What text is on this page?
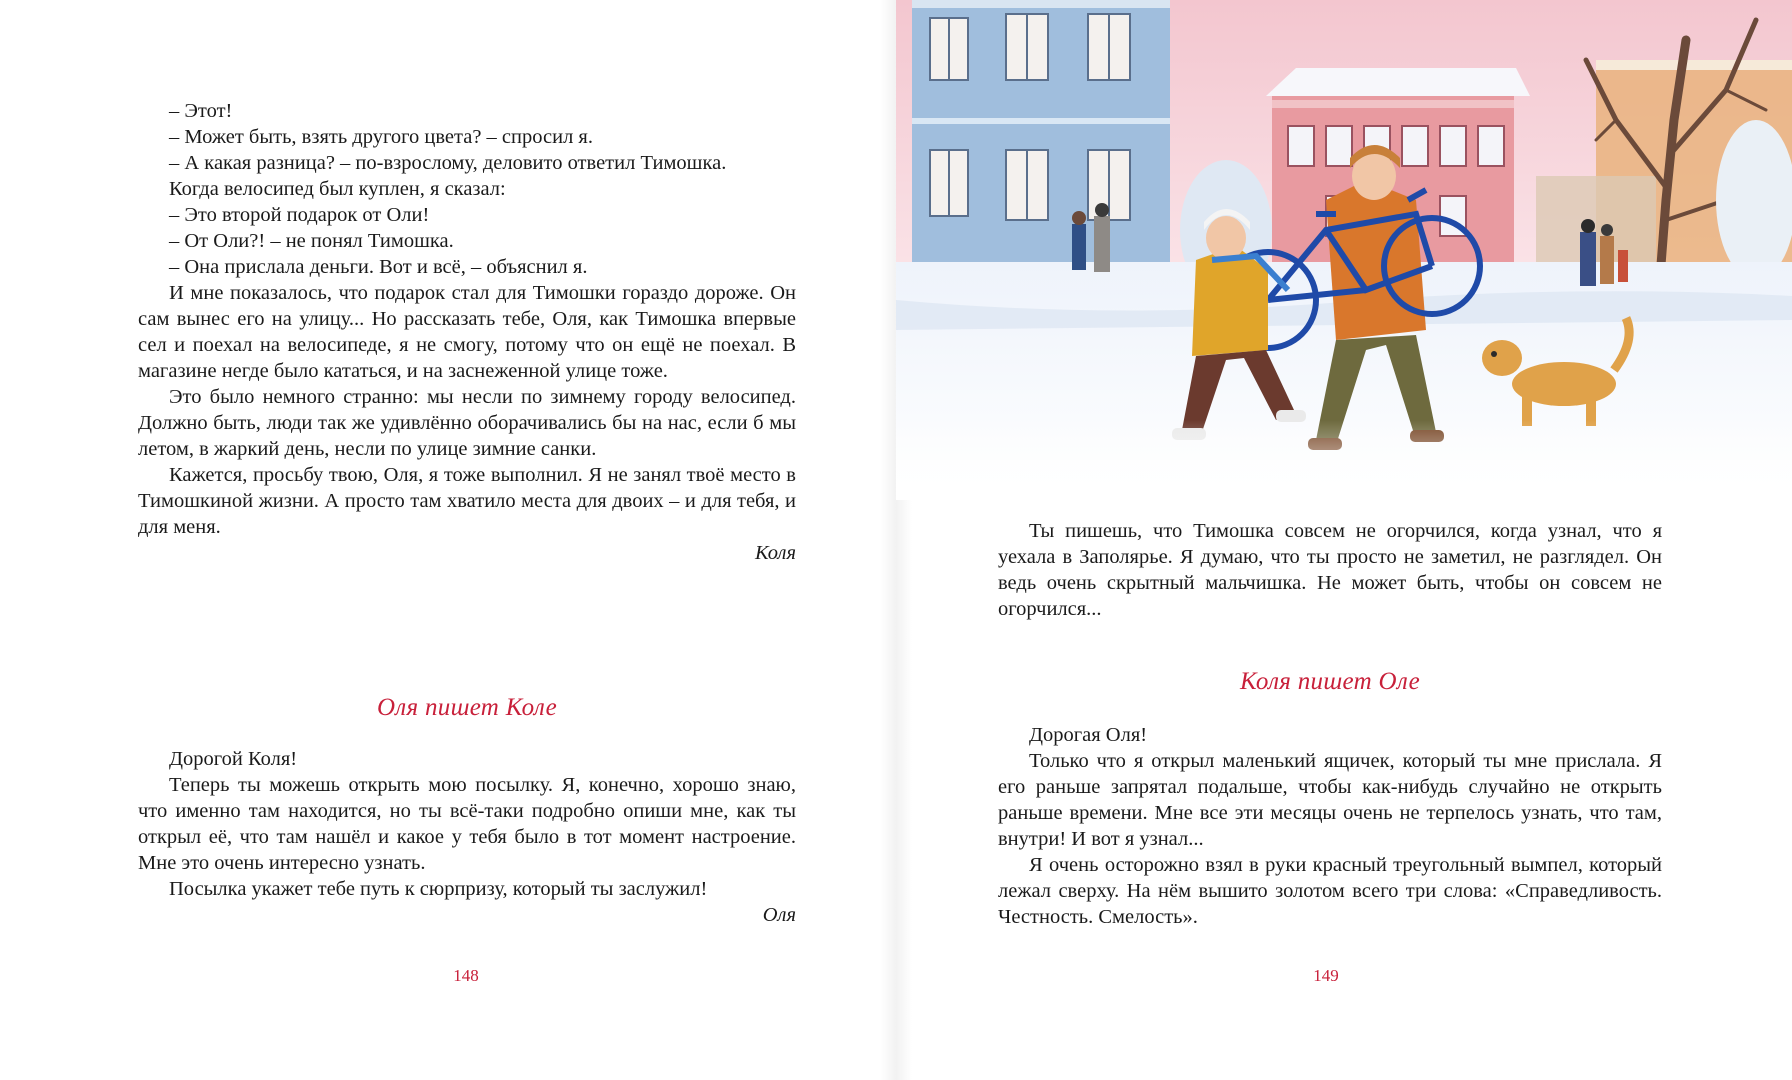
– Этот!

– Может быть, взять другого цвета? – спросил я.

– А какая разница? – по-взрослому, деловито ответил Тимошка.

Когда велосипед был куплен, я сказал:

– Это второй подарок от Оли!

– От Оли?! – не понял Тимошка.

– Она прислала деньги. Вот и всё, – объяснил я.

И мне показалось, что подарок стал для Тимошки гораздо дороже. Он сам вынес его на улицу... Но рассказать тебе, Оля, как Тимошка впервые сел и поехал на велосипеде, я не смогу, потому что он ещё не поехал. В магазине негде было кататься, и на заснеженной улице тоже.

Это было немного странно: мы несли по зимнему городу велосипед. Должно быть, люди так же удивлённо оборачивались бы на нас, если б мы летом, в жаркий день, несли по улице зимние санки.

Кажется, просьбу твою, Оля, я тоже выполнил. Я не занял твоё место в Тимошкиной жизни. А просто там хватило места для двоих – и для тебя, и для меня.

Коля

Оля пишет Коле

Дорогой Коля!

Теперь ты можешь открыть мою посылку. Я, конечно, хорошо знаю, что именно там находится, но ты всё-таки подробно опиши мне, как ты открыл её, что там нашёл и какое у тебя было в тот момент настроение. Мне это очень интересно узнать.

Посылка укажет тебе путь к сюрпризу, который ты заслужил!

Оля

148

Ты пишешь, что Тимошка совсем не огорчился, когда узнал, что я уехала в Заполярье. Я думаю, что ты просто не заметил, не разглядел. Он ведь очень скрытный мальчишка. Не может быть, чтобы он совсем не огорчился...

Коля пишет Оле

Дорогая Оля!

Только что я открыл маленький ящичек, который ты мне прислала. Я его раньше запрятал подальше, чтобы как-нибудь случайно не открыть раньше времени. Мне все эти месяцы очень не терпелось узнать, что там, внутри! И вот я узнал...

Я очень осторожно взял в руки красный треугольный вымпел, который лежал сверху. На нём вышито золотом всего три слова: «Справедливость. Честность. Смелость».

149
